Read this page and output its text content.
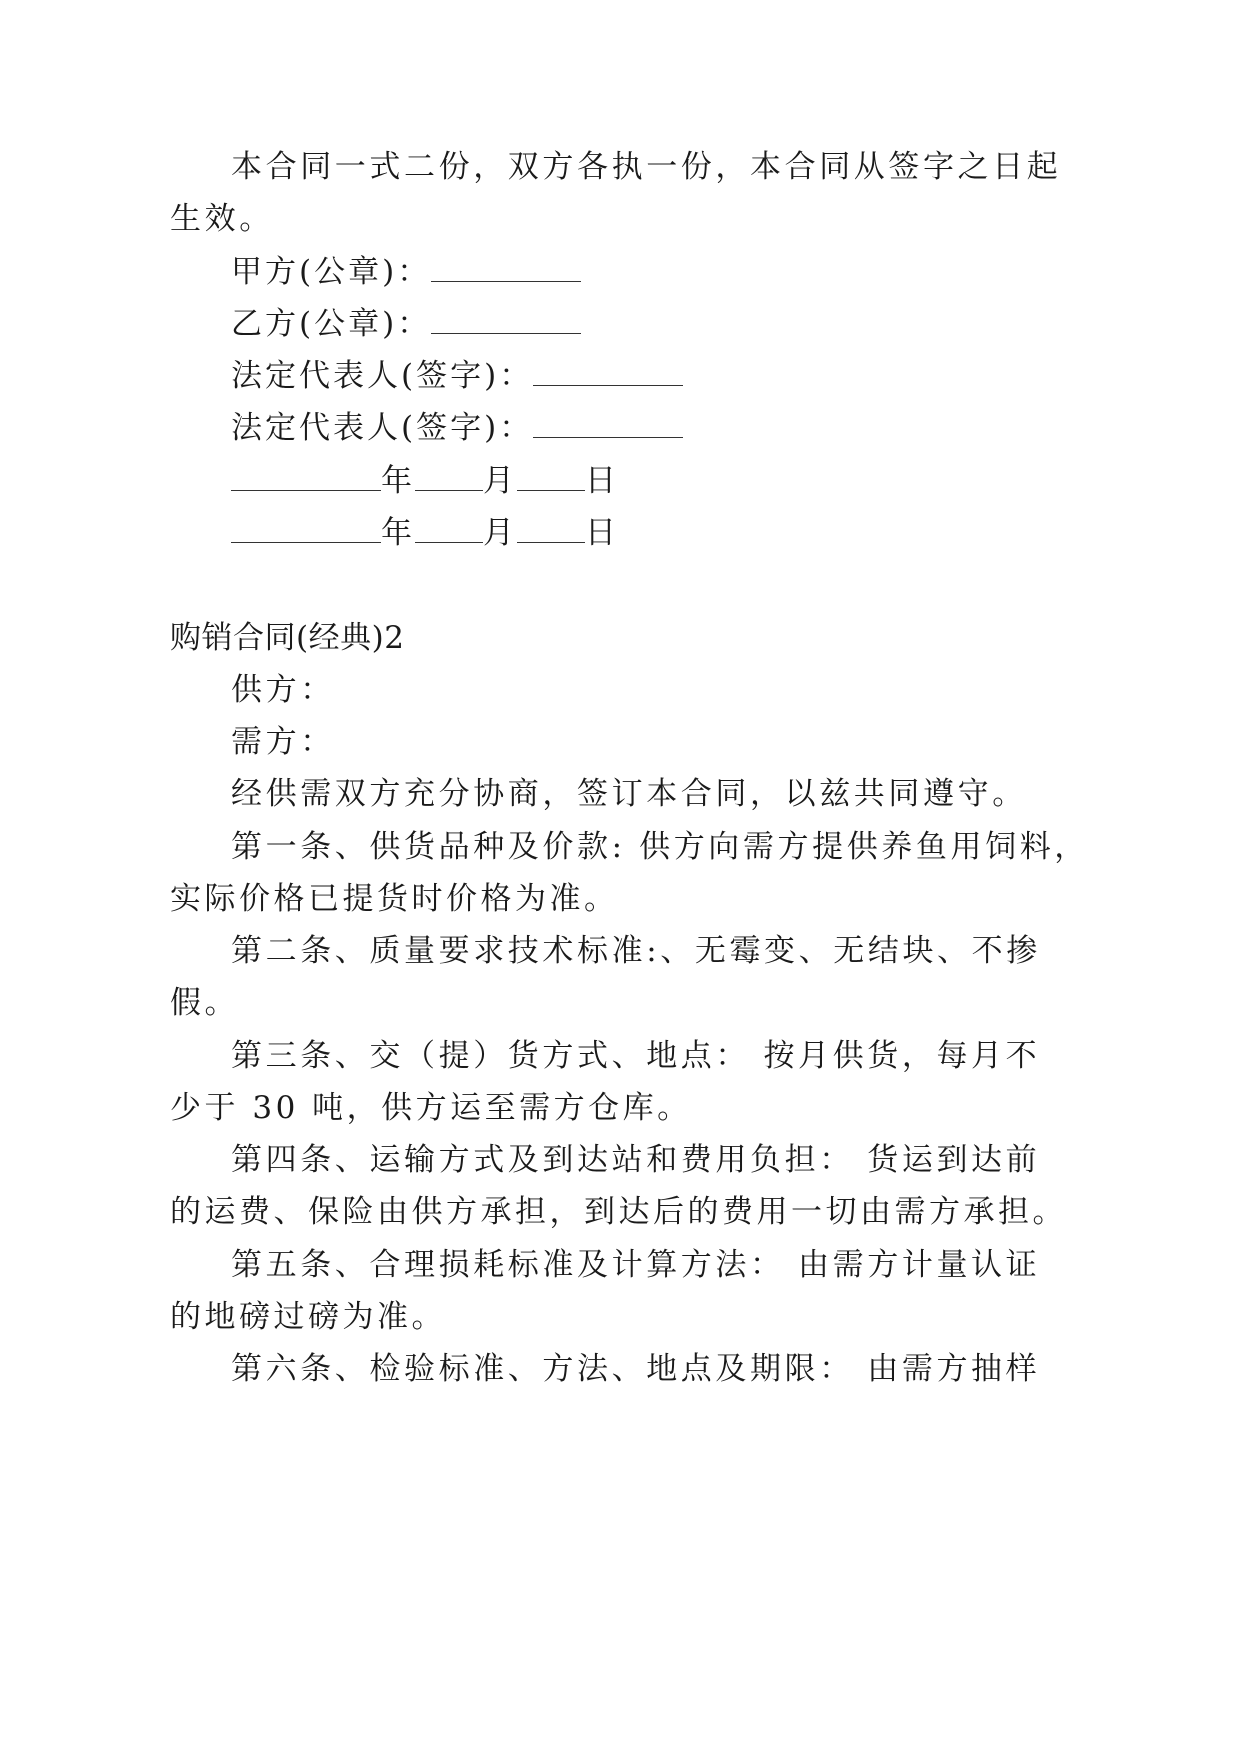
本合同一式二份，双方各执一份，本合同从签字之日起

生效。

甲方(公章)：

乙方(公章)：

法定代表人(签字)：

法定代表人(签字)：

年 月 日

年 月 日

购销合同(经典)2

供方：

需方：

经供需双方充分协商，签订本合同，以兹共同遵守。

第一条、供货品种及价款: 供方向需方提供养鱼用饲料，

实际价格已提货时价格为准。

第二条、质量要求技术标准:、无霉变、无结块、不掺

假。

第三条、交（提）货方式、地点： 按月供货，每月不

少于 30 吨，供方运至需方仓库。

第四条、运输方式及到达站和费用负担： 货运到达前

的运费、保险由供方承担，到达后的费用一切由需方承担。

第五条、合理损耗标准及计算方法： 由需方计量认证

的地磅过磅为准。

第六条、检验标准、方法、地点及期限： 由需方抽样
